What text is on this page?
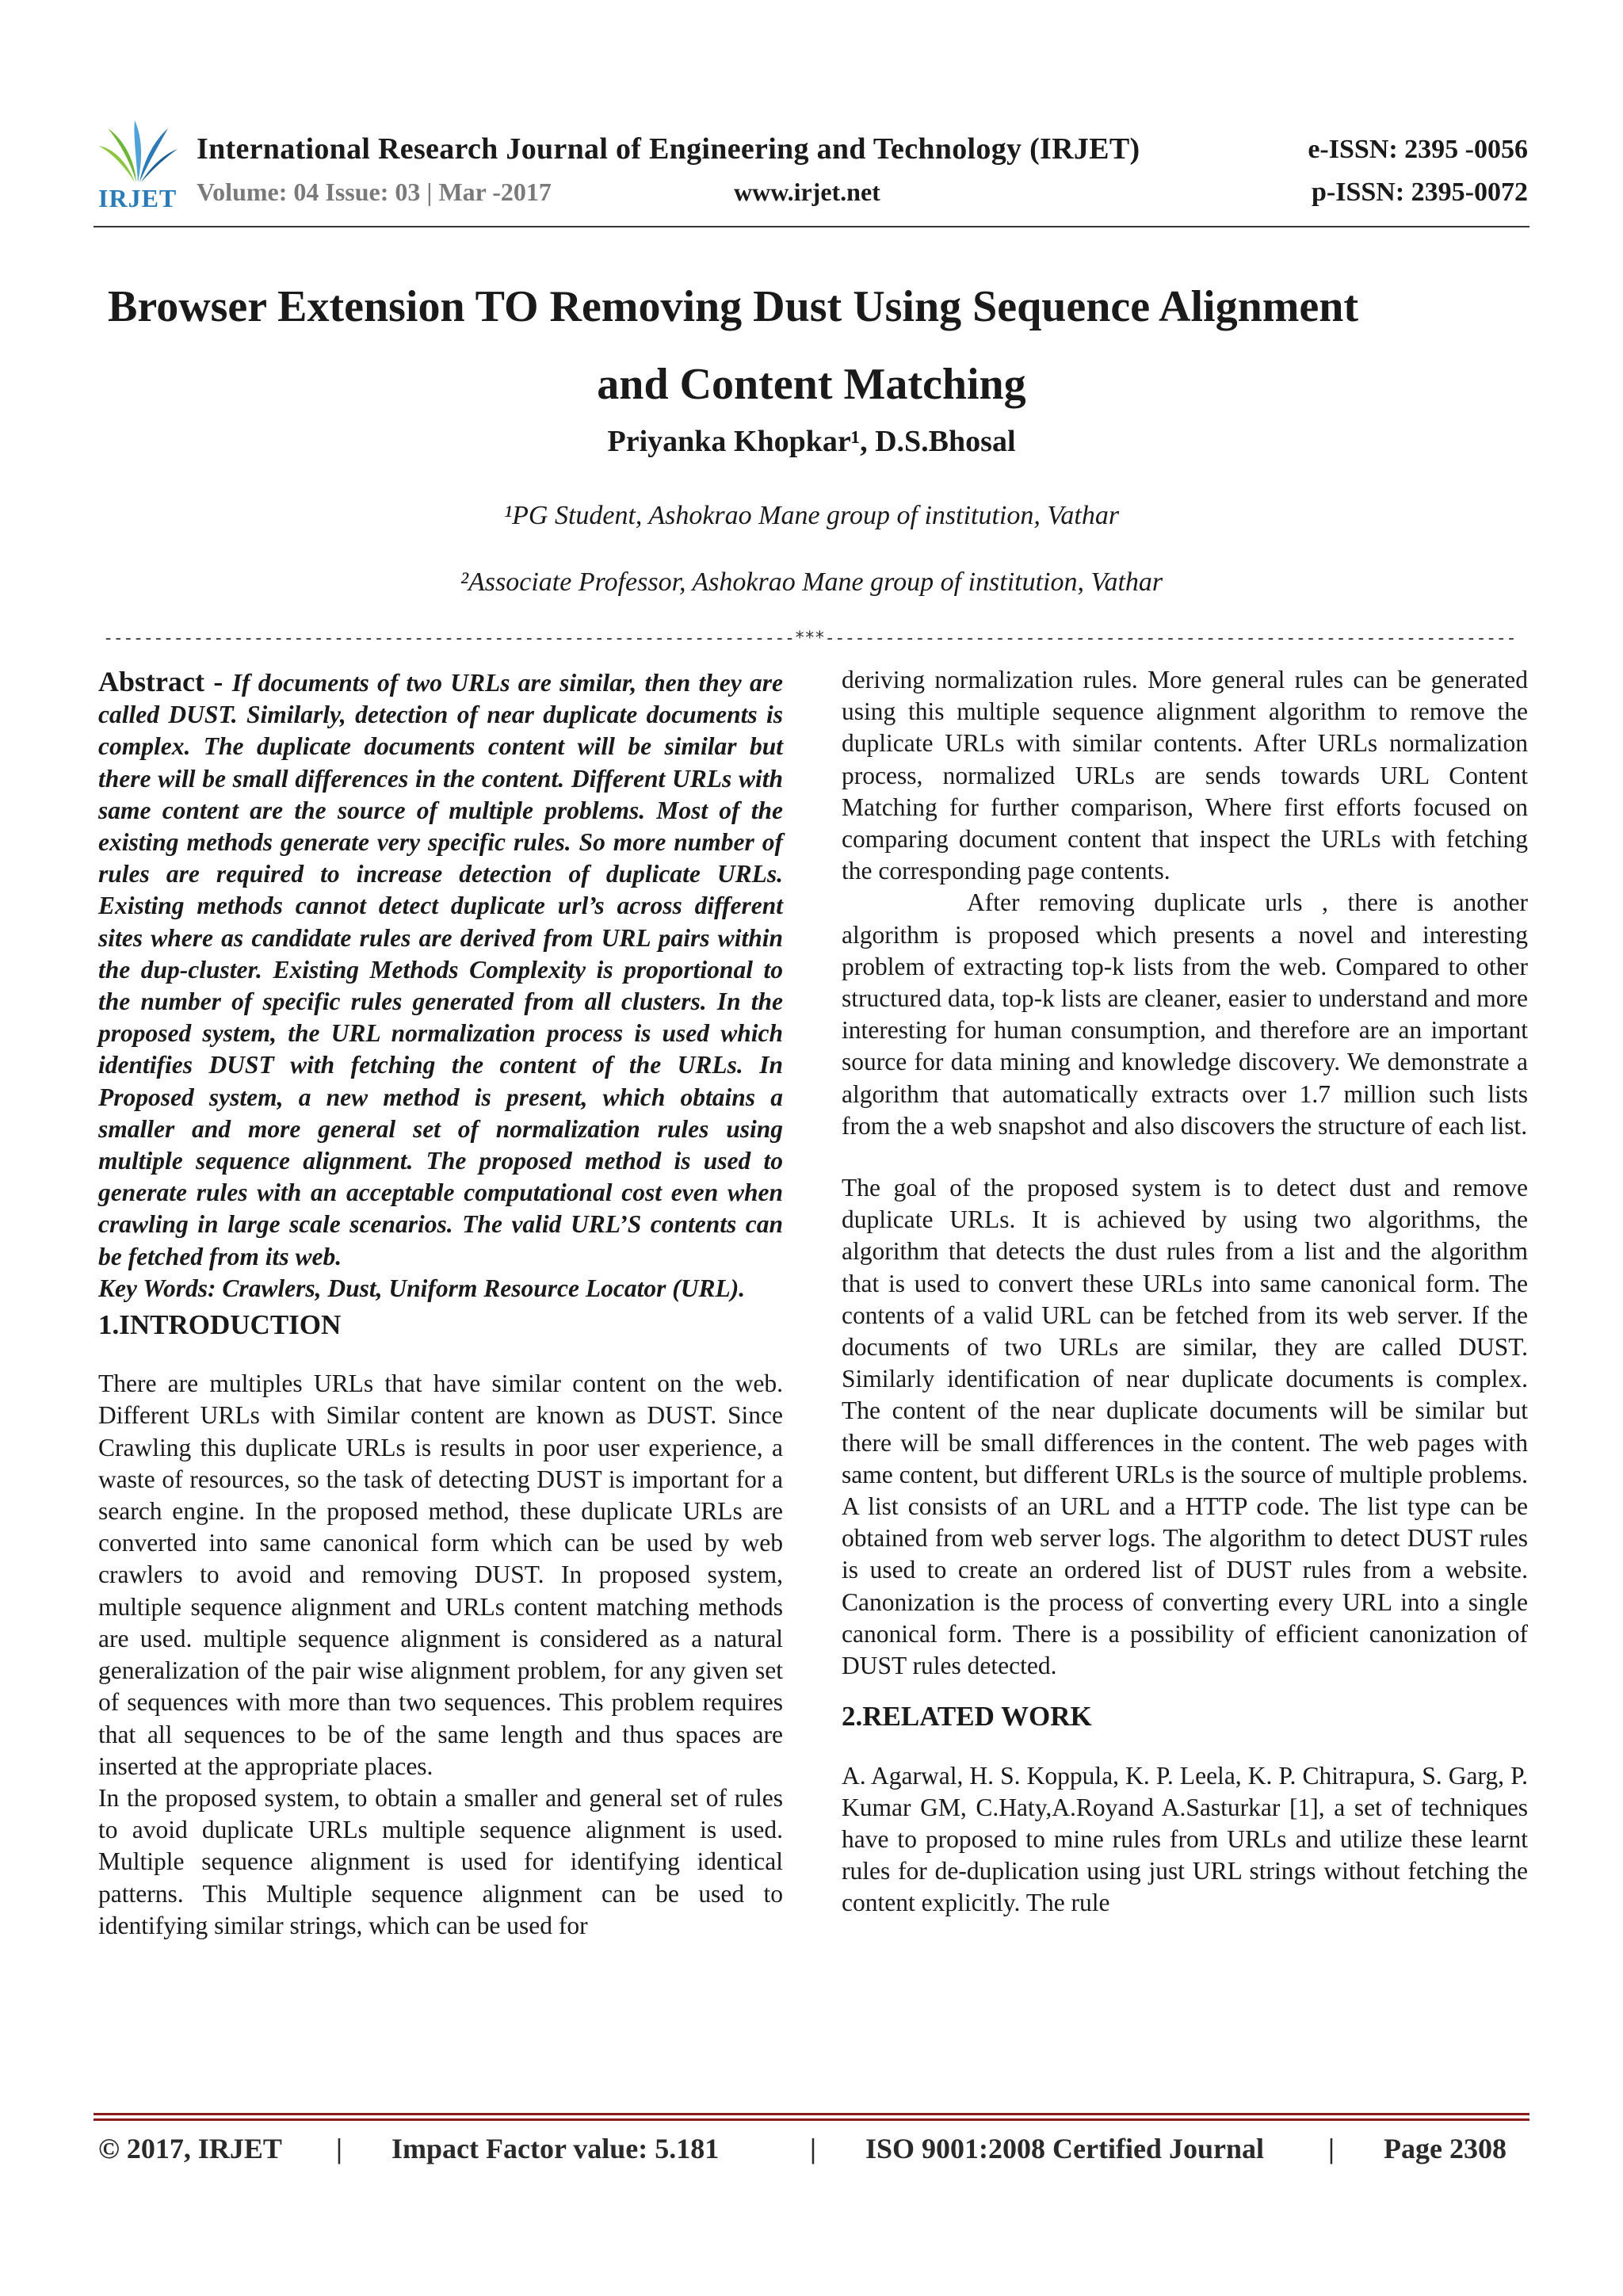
IRJET
International Research Journal of Engineering and Technology (IRJET)	e-ISSN: 2395 -0056
Volume: 04 Issue: 03 | Mar -2017	www.irjet.net	p-ISSN: 2395-0072
Browser Extension TO Removing Dust Using Sequence Alignment
and Content Matching
Priyanka Khopkar¹, D.S.Bhosal
¹PG Student, Ashokrao Mane group of institution, Vathar
²Associate Professor, Ashokrao Mane group of institution, Vathar
---------------------------------------------------------------------***---------------------------------------------------------------------

Abstract - If documents of two URLs are similar, then they are called DUST. Similarly, detection of near duplicate documents is complex. The duplicate documents content will be similar but there will be small differences in the content. Different URLs with same content are the source of multiple problems. Most of the existing methods generate very specific rules. So more number of rules are required to increase detection of duplicate URLs. Existing methods cannot detect duplicate url’s across different sites where as candidate rules are derived from URL pairs within the dup-cluster. Existing Methods Complexity is proportional to the number of specific rules generated from all clusters. In the proposed system, the URL normalization process is used which identifies DUST with fetching the content of the URLs. In Proposed system, a new method is present, which obtains a smaller and more general set of normalization rules using multiple sequence alignment. The proposed method is used to generate rules with an acceptable computational cost even when crawling in large scale scenarios. The valid URL’S contents can be fetched from its web.

Key Words: Crawlers, Dust, Uniform Resource Locator (URL).

1.INTRODUCTION

There are multiples URLs that have similar content on the web. Different URLs with Similar content are known as DUST. Since Crawling this duplicate URLs is results in poor user experience, a waste of resources, so the task of detecting DUST is important for a search engine. In the proposed method, these duplicate URLs are converted into same canonical form which can be used by web crawlers to avoid and removing DUST. In proposed system, multiple sequence alignment and URLs content matching methods are used. multiple sequence alignment is considered as a natural generalization of the pair wise alignment problem, for any given set of sequences with more than two sequences. This problem requires that all sequences to be of the same length and thus spaces are inserted at the appropriate places.

In the proposed system, to obtain a smaller and general set of rules to avoid duplicate URLs multiple sequence alignment is used. Multiple sequence alignment is used for identifying identical patterns. This Multiple sequence alignment can be used to identifying similar strings, which can be used for

deriving normalization rules. More general rules can be generated using this multiple sequence alignment algorithm to remove the duplicate URLs with similar contents. After URLs normalization process, normalized URLs are sends towards URL Content Matching for further comparison, Where first efforts focused on comparing document content that inspect the URLs with fetching the corresponding page contents.

After removing duplicate urls , there is another algorithm is proposed which presents a novel and interesting problem of extracting top-k lists from the web. Compared to other structured data, top-k lists are cleaner, easier to understand and more interesting for human consumption, and therefore are an important source for data mining and knowledge discovery. We demonstrate a algorithm that automatically extracts over 1.7 million such lists from the a web snapshot and also discovers the structure of each list.

The goal of the proposed system is to detect dust and remove duplicate URLs. It is achieved by using two algorithms, the algorithm that detects the dust rules from a list and the algorithm that is used to convert these URLs into same canonical form. The contents of a valid URL can be fetched from its web server. If the documents of two URLs are similar, they are called DUST. Similarly identification of near duplicate documents is complex. The content of the near duplicate documents will be similar but there will be small differences in the content. The web pages with same content, but different URLs is the source of multiple problems. A list consists of an URL and a HTTP code. The list type can be obtained from web server logs. The algorithm to detect DUST rules is used to create an ordered list of DUST rules from a website. Canonization is the process of converting every URL into a single canonical form. There is a possibility of efficient canonization of DUST rules detected.

2.RELATED WORK

A. Agarwal, H. S. Koppula, K. P. Leela, K. P. Chitrapura, S. Garg, P. Kumar GM, C.Haty,A.Royand A.Sasturkar [1], a set of techniques have to proposed to mine rules from URLs and utilize these learnt rules for de-duplication using just URL strings without fetching the content explicitly. The rule

© 2017, IRJET | Impact Factor value: 5.181	| ISO 9001:2008 Certified Journal | Page 2308
